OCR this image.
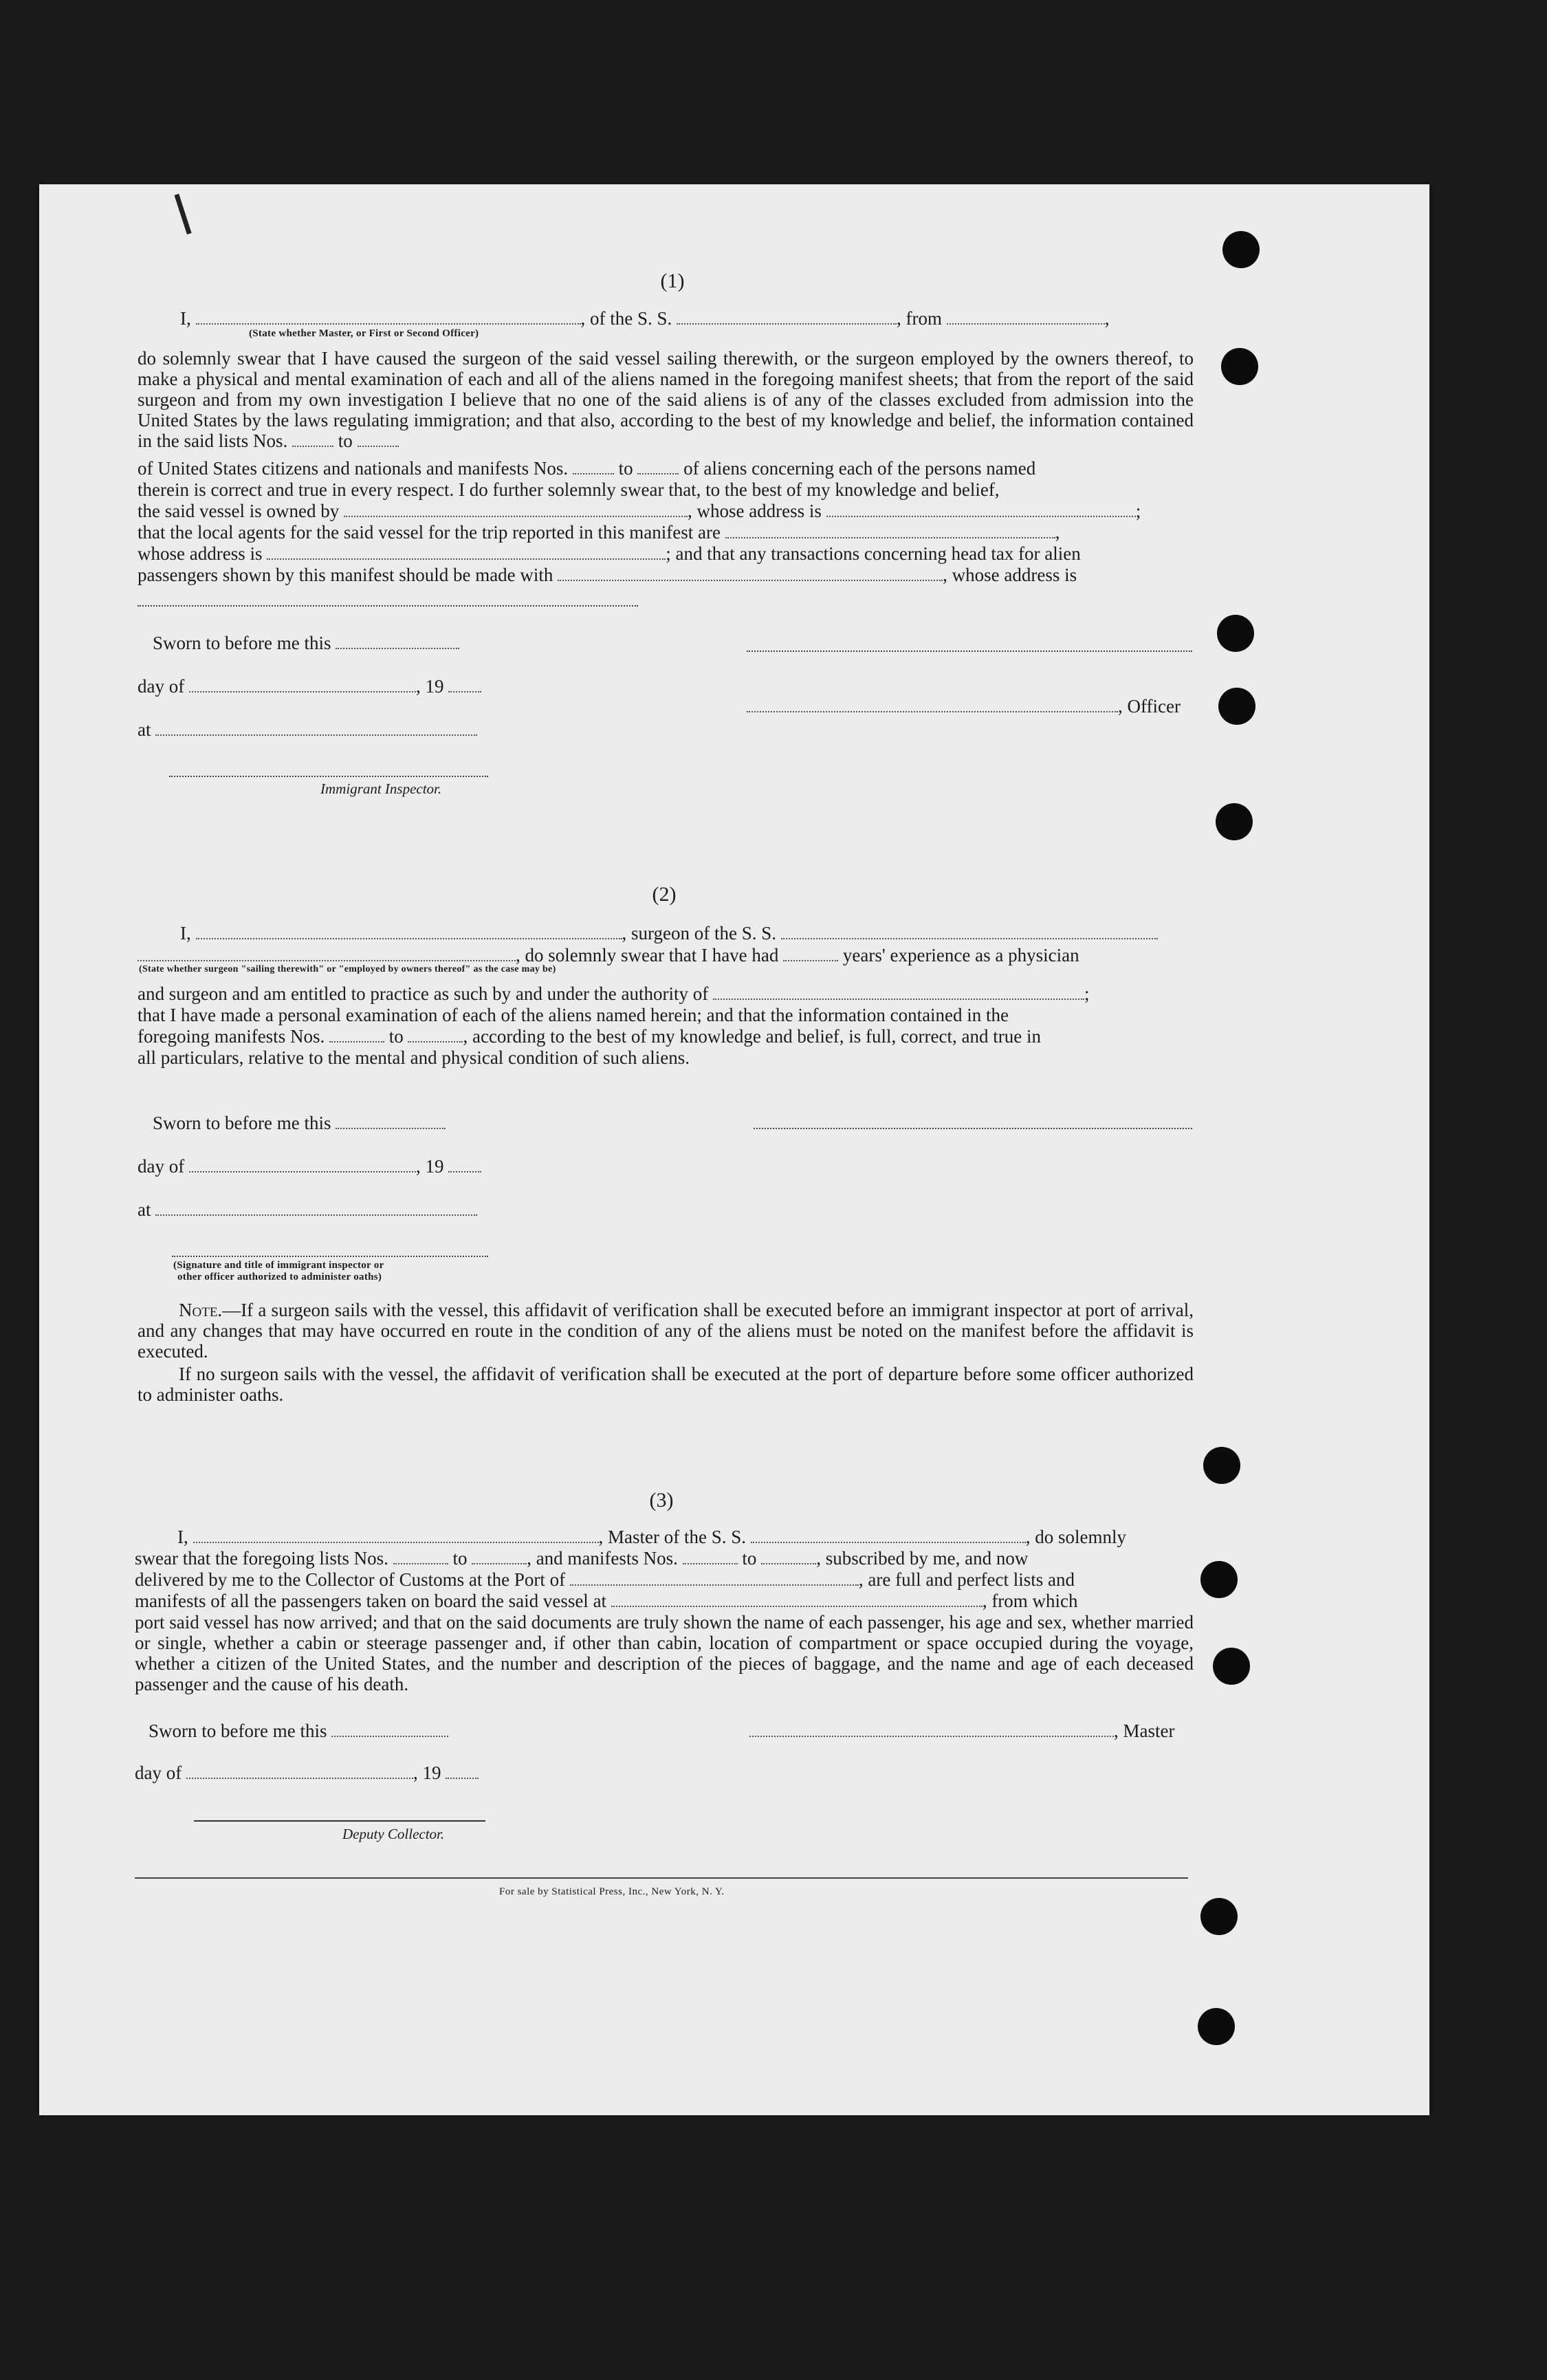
(1)
I,	, of the S. S.	, from	,
(State whether Master, or First or Second Officer)
do solemnly swear that I have caused the surgeon of the said vessel sailing therewith, or the surgeon employed by the owners thereof, to make a physical and mental examination of each and all of the aliens named in the foregoing manifest sheets; that from the report of the said surgeon and from my own investigation I believe that no one of the said aliens is of any of the classes excluded from admission into the United States by the laws regulating immigration; and that also, according to the best of my knowledge and belief, the information contained in the said lists Nos.	to
of United States citizens and nationals and manifests Nos.	to	of aliens concerning each of the persons named
therein is correct and true in every respect. I do further solemnly swear that, to the best of my knowledge and belief,
the said vessel is owned by	, whose address is	;
that the local agents for the said vessel for the trip reported in this manifest are	,
whose address is	; and that any transactions concerning head tax for alien
passengers shown by this manifest should be made with	, whose address is
Sworn to before me this
day of	, 19
, Officer
at
Immigrant Inspector.
(2)
I,	, surgeon of the S. S.
, do solemnly swear that I have had	years' experience as a physician
(State whether surgeon "sailing therewith" or "employed by owners thereof" as the case may be)
and surgeon and am entitled to practice as such by and under the authority of	;
that I have made a personal examination of each of the aliens named herein; and that the information contained in the
foregoing manifests Nos.	to	, according to the best of my knowledge and belief, is full, correct, and true in
all particulars, relative to the mental and physical condition of such aliens.
Sworn to before me this
day of	, 19
at
(Signature and title of immigrant inspector or
other officer authorized to administer oaths)
Note.—If a surgeon sails with the vessel, this affidavit of verification shall be executed before an immigrant inspector at port of arrival, and any changes that may have occurred en route in the condition of any of the aliens must be noted on the manifest before the affidavit is executed.
If no surgeon sails with the vessel, the affidavit of verification shall be executed at the port of departure before some officer authorized to administer oaths.
(3)
I,	, Master of the S. S.	, do solemnly
swear that the foregoing lists Nos.	to	, and manifests Nos.	to	, subscribed by me, and now
delivered by me to the Collector of Customs at the Port of	, are full and perfect lists and
manifests of all the passengers taken on board the said vessel at	, from which
port said vessel has now arrived; and that on the said documents are truly shown the name of each passenger, his age and sex, whether married or single, whether a cabin or steerage passenger and, if other than cabin, location of compartment or space occupied during the voyage, whether a citizen of the United States, and the number and description of the pieces of baggage, and the name and age of each deceased passenger and the cause of his death.
Sworn to before me this	, Master
day of	, 19
Deputy Collector.
For sale by Statistical Press, Inc., New York, N. Y.
